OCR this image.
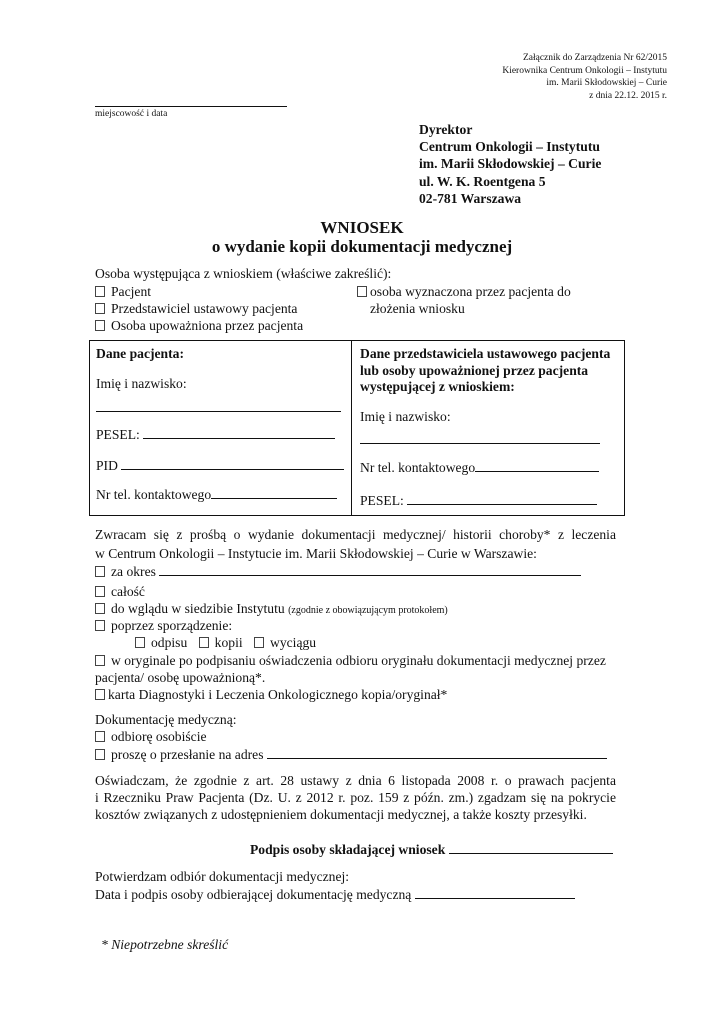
Załącznik do Zarządzenia Nr 62/2015
Kierownika Centrum Onkologii – Instytutu
im. Marii Skłodowskiej – Curie
z dnia 22.12. 2015 r.
miejscowość i data
Dyrektor
Centrum Onkologii – Instytutu
im. Marii Skłodowskiej – Curie
ul. W. K. Roentgena 5
02-781 Warszawa
WNIOSEK
o wydanie kopii dokumentacji medycznej
Osoba występująca z wnioskiem (właściwe zakreślić):
Pacjent
Przedstawiciel ustawowy pacjenta
Osoba upoważniona przez pacjenta
osoba wyznaczona przez pacjenta do
złożenia wniosku
Dane pacjenta:
Imię i nazwisko:
PESEL:
PID
Nr tel. kontaktowego
Dane przedstawiciela ustawowego pacjenta
lub osoby upoważnionej przez pacjenta
występującej z wnioskiem:
Imię i nazwisko:
Nr tel. kontaktowego
PESEL:
Zwracam się z prośbą o wydanie dokumentacji medycznej/ historii choroby* z leczenia
w Centrum Onkologii – Instytucie im. Marii Skłodowskiej – Curie w Warszawie:
za okres
całość
do wglądu w siedzibie Instytutu (zgodnie z obowiązującym protokołem)
poprzez sporządzenie:
odpisu kopii wyciągu
w oryginale po podpisaniu oświadczenia odbioru oryginału dokumentacji medycznej przez
pacjenta/ osobę upoważnioną*.
karta Diagnostyki i Leczenia Onkologicznego kopia/oryginał*
Dokumentację medyczną:
odbiorę osobiście
proszę o przesłanie na adres
Oświadczam, że zgodnie z art. 28 ustawy z dnia 6 listopada 2008 r. o prawach pacjenta
i Rzeczniku Praw Pacjenta (Dz. U. z 2012 r. poz. 159 z późn. zm.) zgadzam się na pokrycie
kosztów związanych z udostępnieniem dokumentacji medycznej, a także koszty przesyłki.
Podpis osoby składającej wniosek
Potwierdzam odbiór dokumentacji medycznej:
Data i podpis osoby odbierającej dokumentację medyczną
* Niepotrzebne skreślić
